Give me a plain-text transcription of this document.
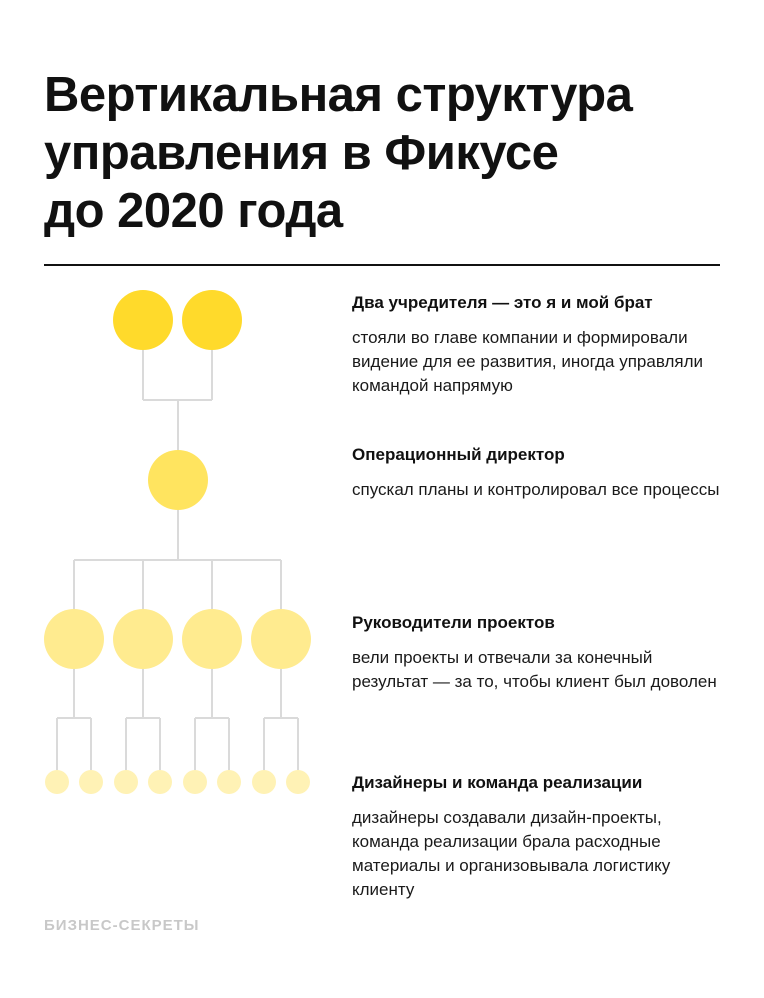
Вертикальная структура
управления в Фикусе
до 2020 года

Два учредителя — это я и мой брат

стояли во главе компании и формировали видение для ее развития, иногда управляли командой напрямую

Операционный директор

спускал планы и контролировал все процессы

Руководители проектов

вели проекты и отвечали за конечный результат — за то, чтобы клиент был доволен

Дизайнеры и команда реализации

дизайнеры создавали дизайн-проекты, команда реализации брала расходные материалы и организовывала логистику клиенту

БИЗНЕС-СЕКРЕТЫ
